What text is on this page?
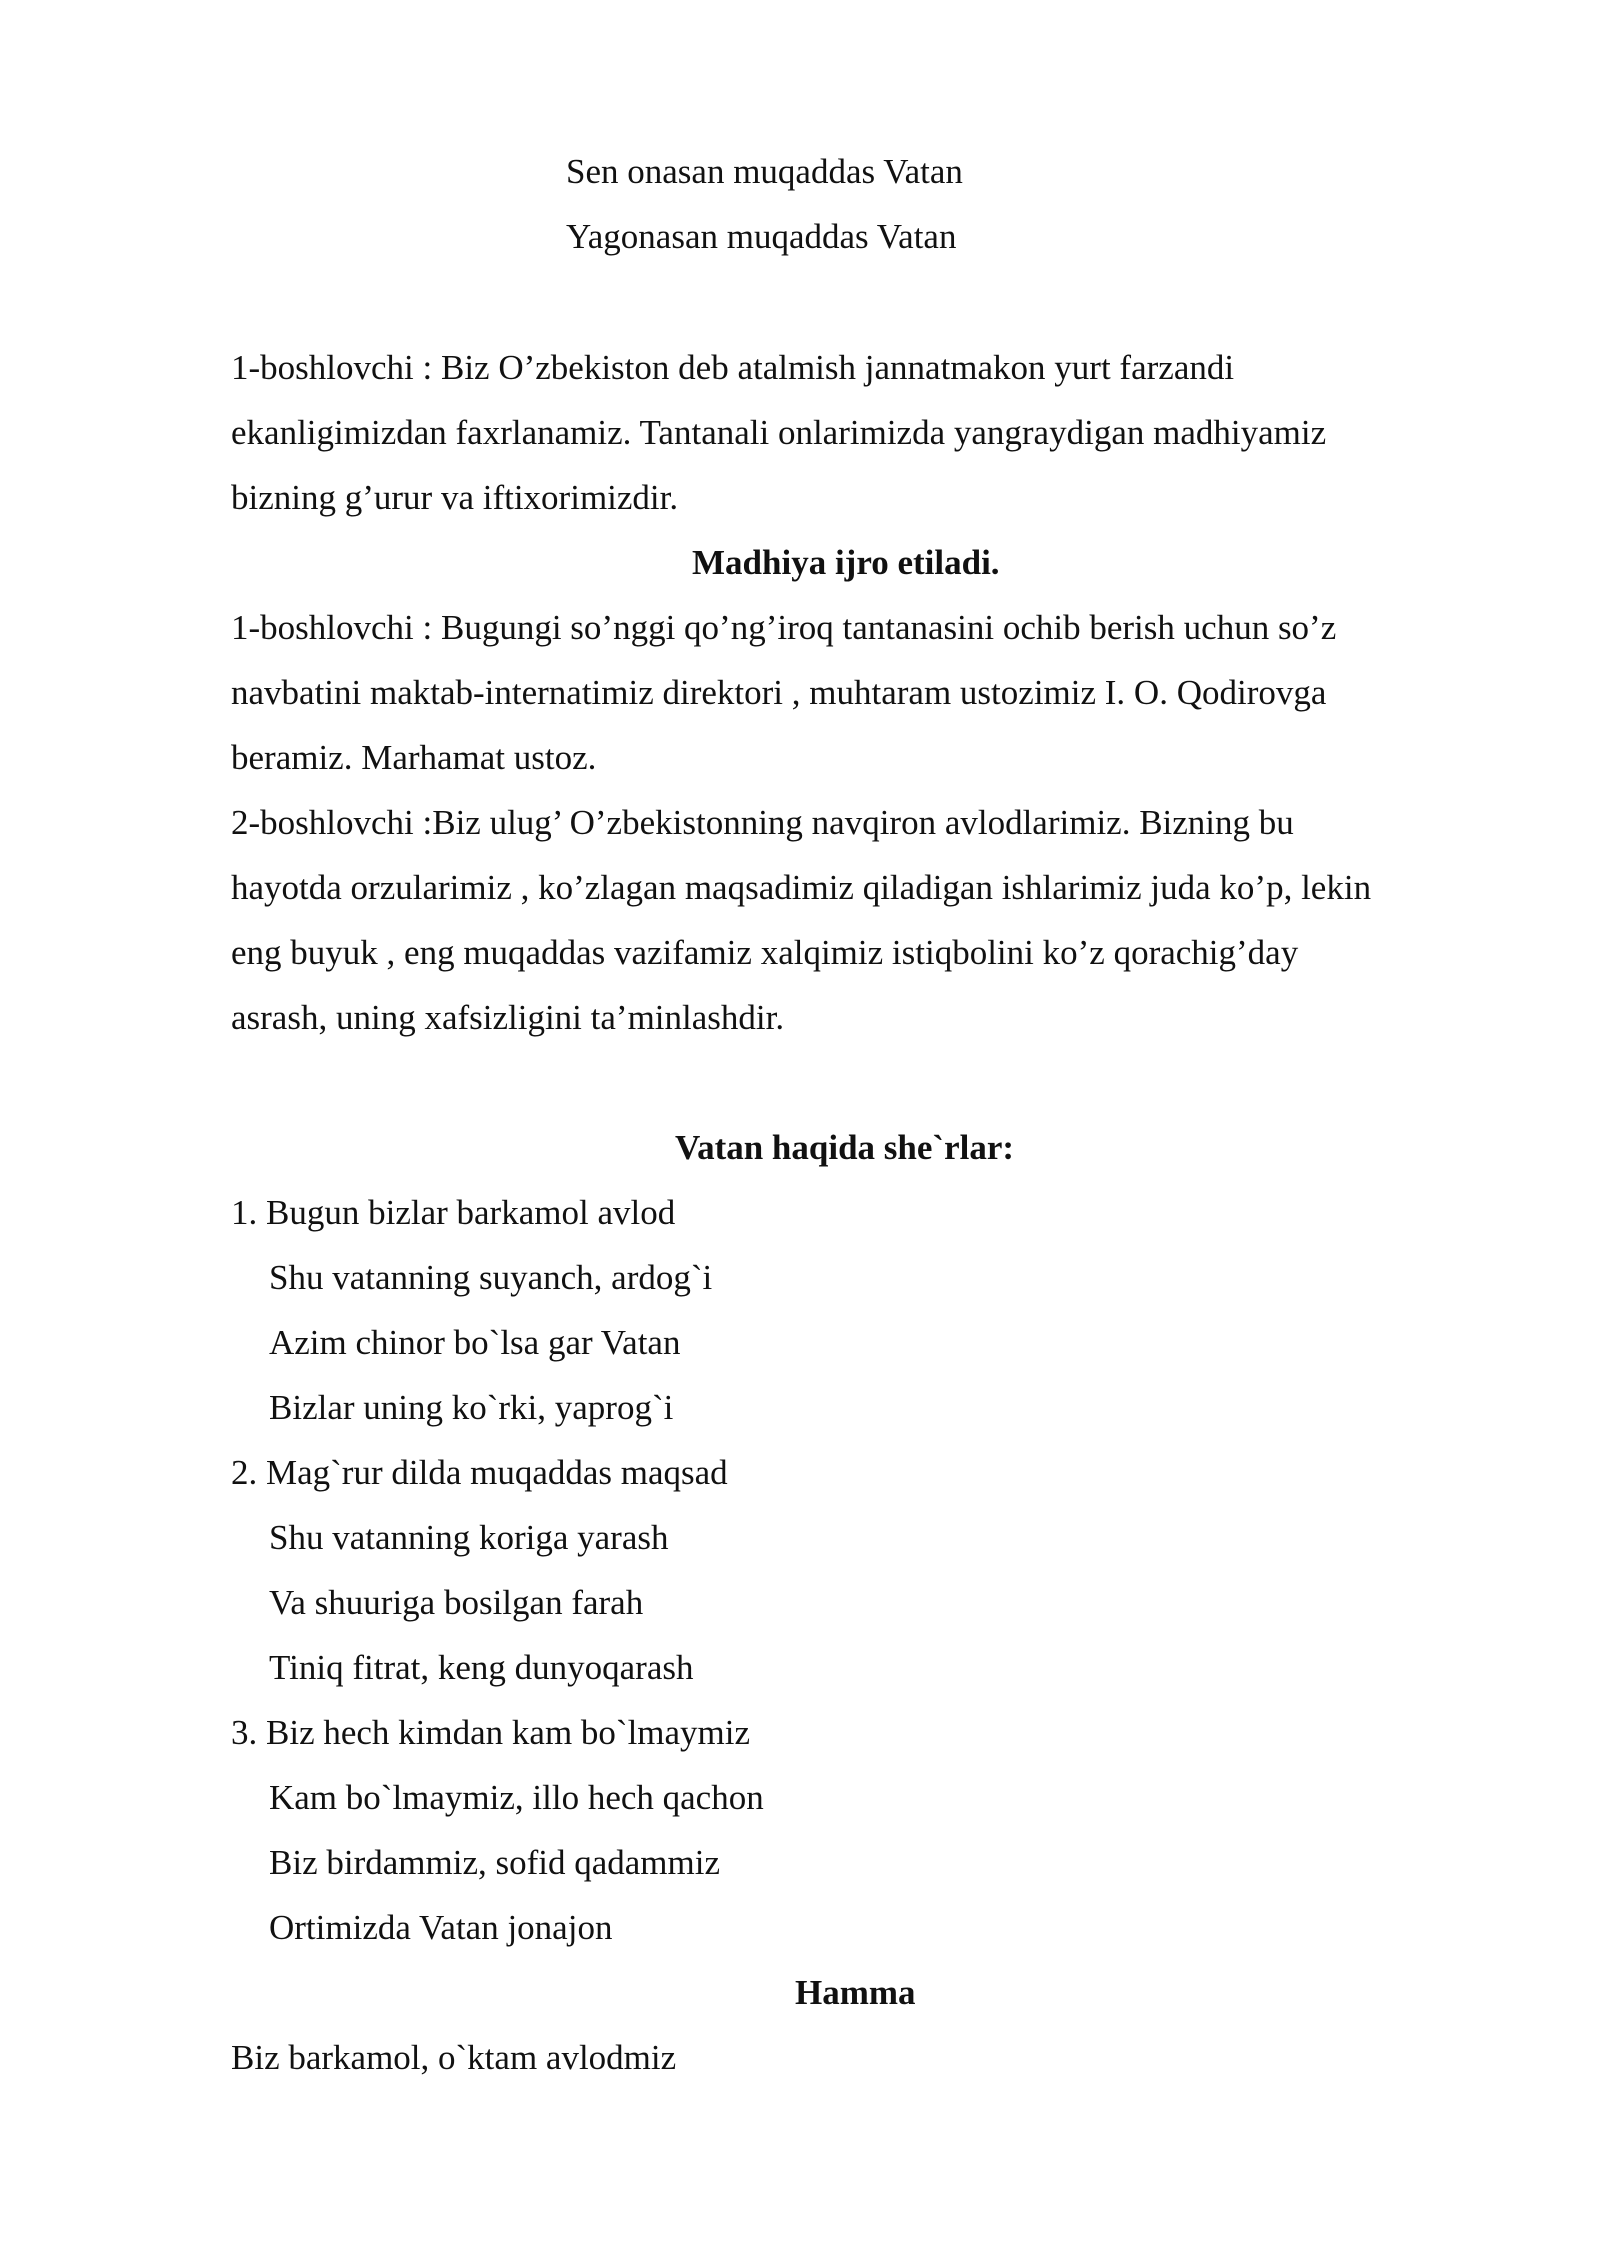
Sen onasan muqaddas Vatan

Yagonasan muqaddas Vatan

1-boshlovchi : Biz O’zbekiston deb atalmish jannatmakon yurt farzandi

ekanligimizdan faxrlanamiz. Tantanali onlarimizda yangraydigan madhiyamiz

bizning g’urur va iftixorimizdir.

Madhiya ijro etiladi.

1-boshlovchi : Bugungi so’nggi qo’ng’iroq tantanasini ochib berish uchun so’z

navbatini maktab-internatimiz direktori , muhtaram ustozimiz I. O. Qodirovga

beramiz. Marhamat ustoz.

2-boshlovchi :Biz ulug’ O’zbekistonning navqiron avlodlarimiz. Bizning bu

hayotda orzularimiz , ko’zlagan maqsadimiz qiladigan ishlarimiz juda ko’p, lekin

eng buyuk , eng muqaddas vazifamiz xalqimiz istiqbolini ko’z qorachig’day

asrash, uning xafsizligini ta’minlashdir.

Vatan haqida she`rlar:

1. Bugun bizlar barkamol avlod

Shu vatanning suyanch, ardog`i

Azim chinor bo`lsa gar Vatan

Bizlar uning ko`rki, yaprog`i

2. Mag`rur dilda muqaddas maqsad

Shu vatanning koriga yarash

Va shuuriga bosilgan farah

Tiniq fitrat, keng dunyoqarash

3. Biz hech kimdan kam bo`lmaymiz

Kam bo`lmaymiz, illo hech qachon

Biz birdammiz, sofid qadammiz

Ortimizda Vatan jonajon

Hamma

Biz barkamol, o`ktam avlodmiz
